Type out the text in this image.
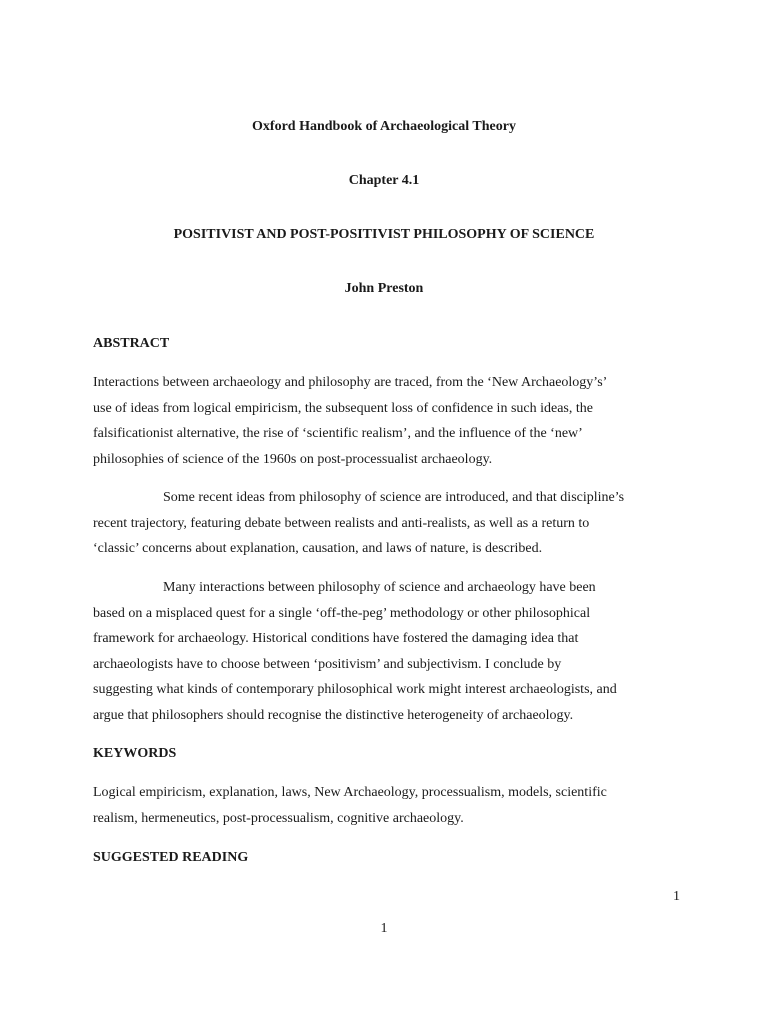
Oxford Handbook of Archaeological Theory
Chapter 4.1
POSITIVIST AND POST-POSITIVIST PHILOSOPHY OF SCIENCE
John Preston
ABSTRACT

Interactions between archaeology and philosophy are traced, from the ‘New Archaeology’s’
use of ideas from logical empiricism, the subsequent loss of confidence in such ideas, the
falsificationist alternative, the rise of ‘scientific realism’, and the influence of the ‘new’
philosophies of science of the 1960s on post-processualist archaeology.

Some recent ideas from philosophy of science are introduced, and that discipline’s
recent trajectory, featuring debate between realists and anti-realists, as well as a return to
‘classic’ concerns about explanation, causation, and laws of nature, is described.

Many interactions between philosophy of science and archaeology have been
based on a misplaced quest for a single ‘off-the-peg’ methodology or other philosophical
framework for archaeology. Historical conditions have fostered the damaging idea that
archaeologists have to choose between ‘positivism’ and subjectivism. I conclude by
suggesting what kinds of contemporary philosophical work might interest archaeologists, and
argue that philosophers should recognise the distinctive heterogeneity of archaeology.

KEYWORDS

Logical empiricism, explanation, laws, New Archaeology, processualism, models, scientific
realism, hermeneutics, post-processualism, cognitive archaeology.

SUGGESTED READING
1
1
